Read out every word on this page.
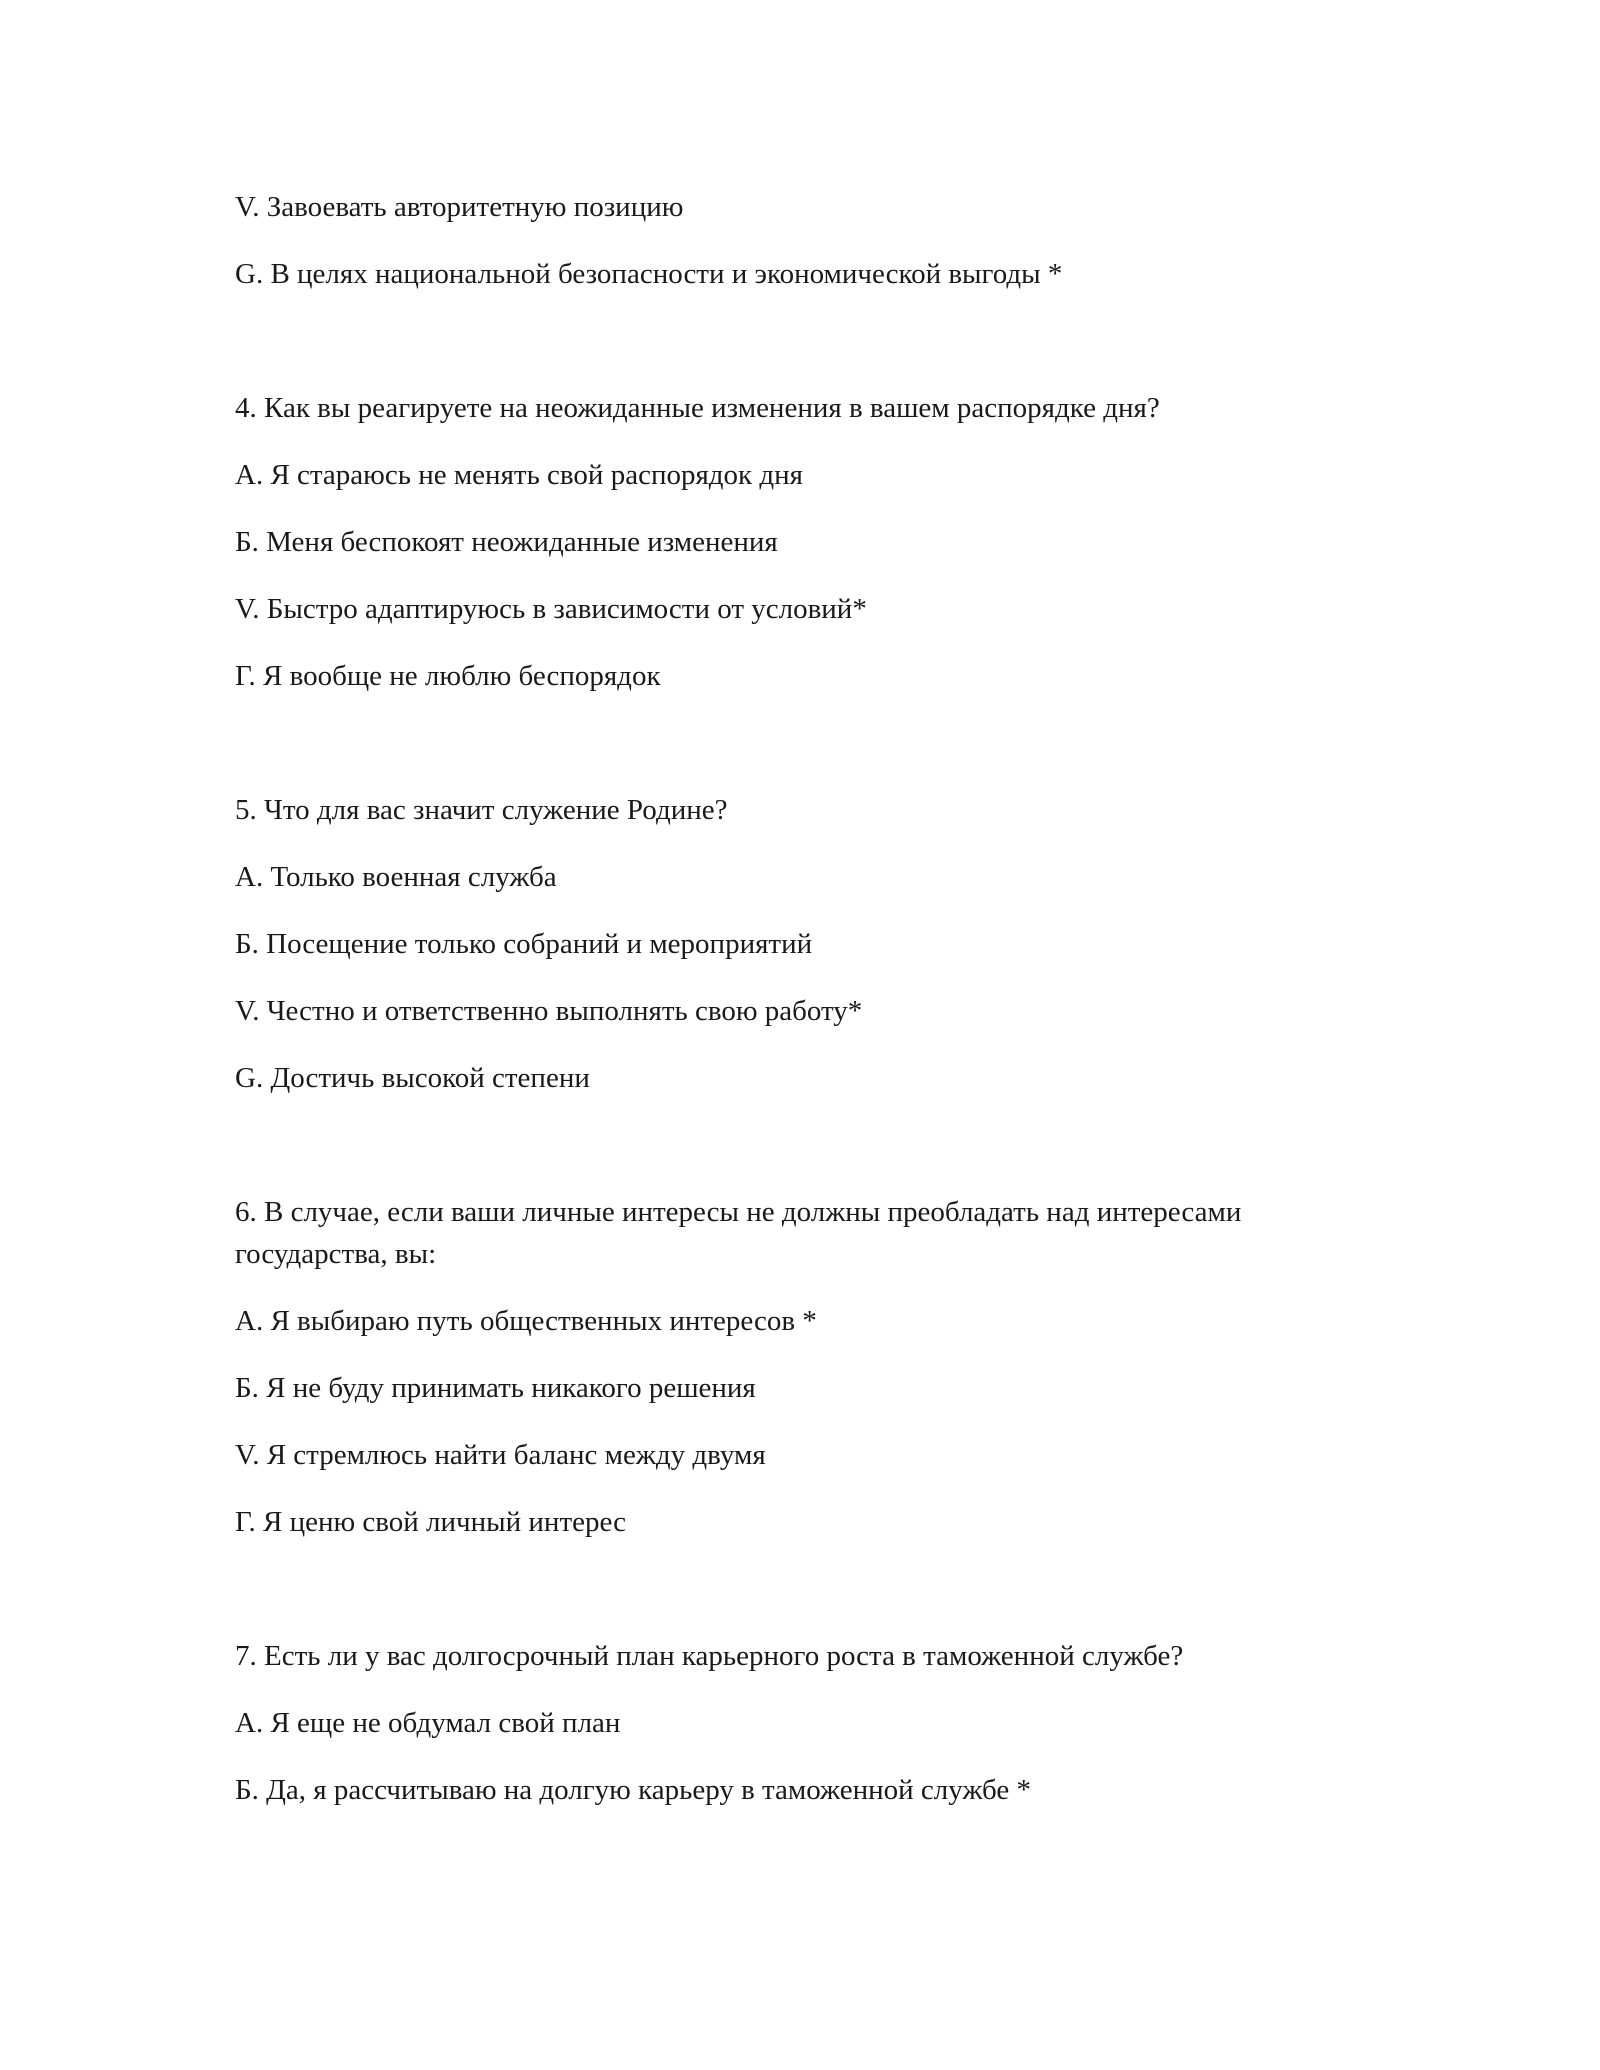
V. Завоевать авторитетную позицию
G. В целях национальной безопасности и экономической выгоды *
4. Как вы реагируете на неожиданные изменения в вашем распорядке дня?
А. Я стараюсь не менять свой распорядок дня
Б. Меня беспокоят неожиданные изменения
V. Быстро адаптируюсь в зависимости от условий*
Г. Я вообще не люблю беспорядок
5. Что для вас значит служение Родине?
А. Только военная служба
Б. Посещение только собраний и мероприятий
V. Честно и ответственно выполнять свою работу*
G. Достичь высокой степени
6. В случае, если ваши личные интересы не должны преобладать над интересами государства, вы:
А. Я выбираю путь общественных интересов *
Б. Я не буду принимать никакого решения
V. Я стремлюсь найти баланс между двумя
Г. Я ценю свой личный интерес
7. Есть ли у вас долгосрочный план карьерного роста в таможенной службе?
А. Я еще не обдумал свой план
Б. Да, я рассчитываю на долгую карьеру в таможенной службе *
